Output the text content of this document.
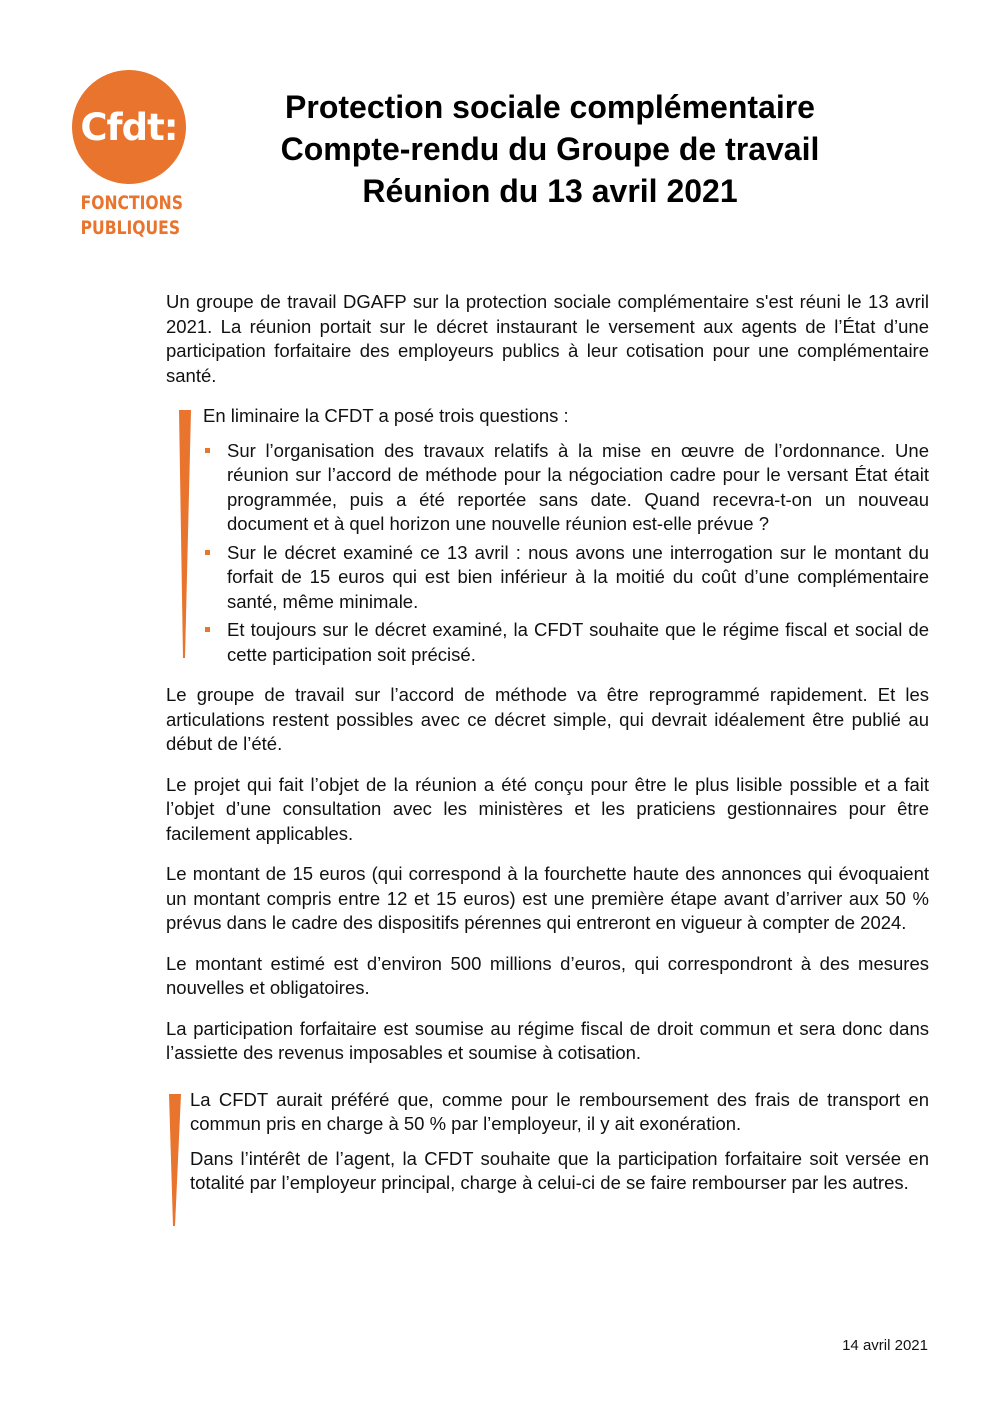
Cfdt:
FONCTIONS
PUBLIQUES
Protection sociale complémentaire
Compte-rendu du Groupe de travail
Réunion du 13 avril 2021

Un groupe de travail DGAFP sur la protection sociale complémentaire s'est réuni le 13 avril 2021. La réunion portait sur le décret instaurant le versement aux agents de l’État d’une participation forfaitaire des employeurs publics à leur cotisation pour une complémentaire santé.

En liminaire la CFDT a posé trois questions :

Sur l’organisation des travaux relatifs à la mise en œuvre de l’ordonnance. Une réunion sur l’accord de méthode pour la négociation cadre pour le versant État était programmée, puis a été reportée sans date. Quand recevra-t-on un nouveau document et à quel horizon une nouvelle réunion est-elle prévue ?
Sur le décret examiné ce 13 avril : nous avons une interrogation sur le montant du forfait de 15 euros qui est bien inférieur à la moitié du coût d’une complémentaire santé, même minimale.
Et toujours sur le décret examiné, la CFDT souhaite que le régime fiscal et social de cette participation soit précisé.

Le groupe de travail sur l’accord de méthode va être reprogrammé rapidement. Et les articulations restent possibles avec ce décret simple, qui devrait idéalement être publié au début de l’été.

Le projet qui fait l’objet de la réunion a été conçu pour être le plus lisible possible et a fait l’objet d’une consultation avec les ministères et les praticiens gestionnaires pour être facilement applicables.

Le montant de 15 euros (qui correspond à la fourchette haute des annonces qui évoquaient un montant compris entre 12 et 15 euros) est une première étape avant d’arriver aux 50 % prévus dans le cadre des dispositifs pérennes qui entreront en vigueur à compter de 2024.

Le montant estimé est d’environ 500 millions d’euros, qui correspondront à des mesures nouvelles et obligatoires.

La participation forfaitaire est soumise au régime fiscal de droit commun et sera donc dans l’assiette des revenus imposables et soumise à cotisation.

La CFDT aurait préféré que, comme pour le remboursement des frais de transport en commun pris en charge à 50 % par l’employeur, il y ait exonération.

Dans l’intérêt de l’agent, la CFDT souhaite que la participation forfaitaire soit versée en totalité par l’employeur principal, charge à celui-ci de se faire rembourser par les autres.

14 avril 2021
